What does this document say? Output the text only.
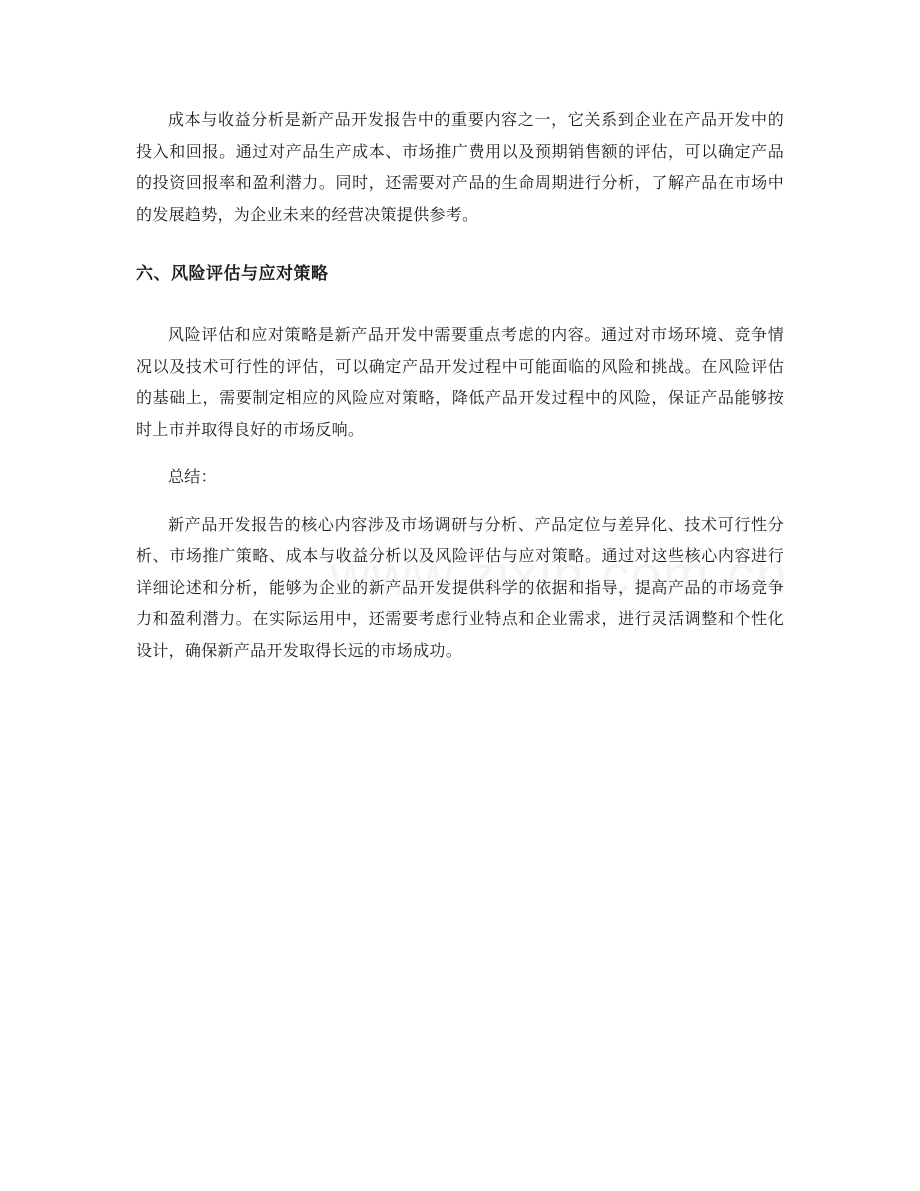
成本与收益分析是新产品开发报告中的重要内容之一，它关系到企业在产品开发中的投入和回报。通过对产品生产成本、市场推广费用以及预期销售额的评估，可以确定产品的投资回报率和盈利潜力。同时，还需要对产品的生命周期进行分析，了解产品在市场中的发展趋势，为企业未来的经营决策提供参考。

六、风险评估与应对策略

风险评估和应对策略是新产品开发中需要重点考虑的内容。通过对市场环境、竞争情况以及技术可行性的评估，可以确定产品开发过程中可能面临的风险和挑战。在风险评估的基础上，需要制定相应的风险应对策略，降低产品开发过程中的风险，保证产品能够按时上市并取得良好的市场反响。

总结：

新产品开发报告的核心内容涉及市场调研与分析、产品定位与差异化、技术可行性分析、市场推广策略、成本与收益分析以及风险评估与应对策略。通过对这些核心内容进行详细论述和分析，能够为企业的新产品开发提供科学的依据和指导，提高产品的市场竞争力和盈利潜力。在实际运用中，还需要考虑行业特点和企业需求，进行灵活调整和个性化设计，确保新产品开发取得长远的市场成功。
